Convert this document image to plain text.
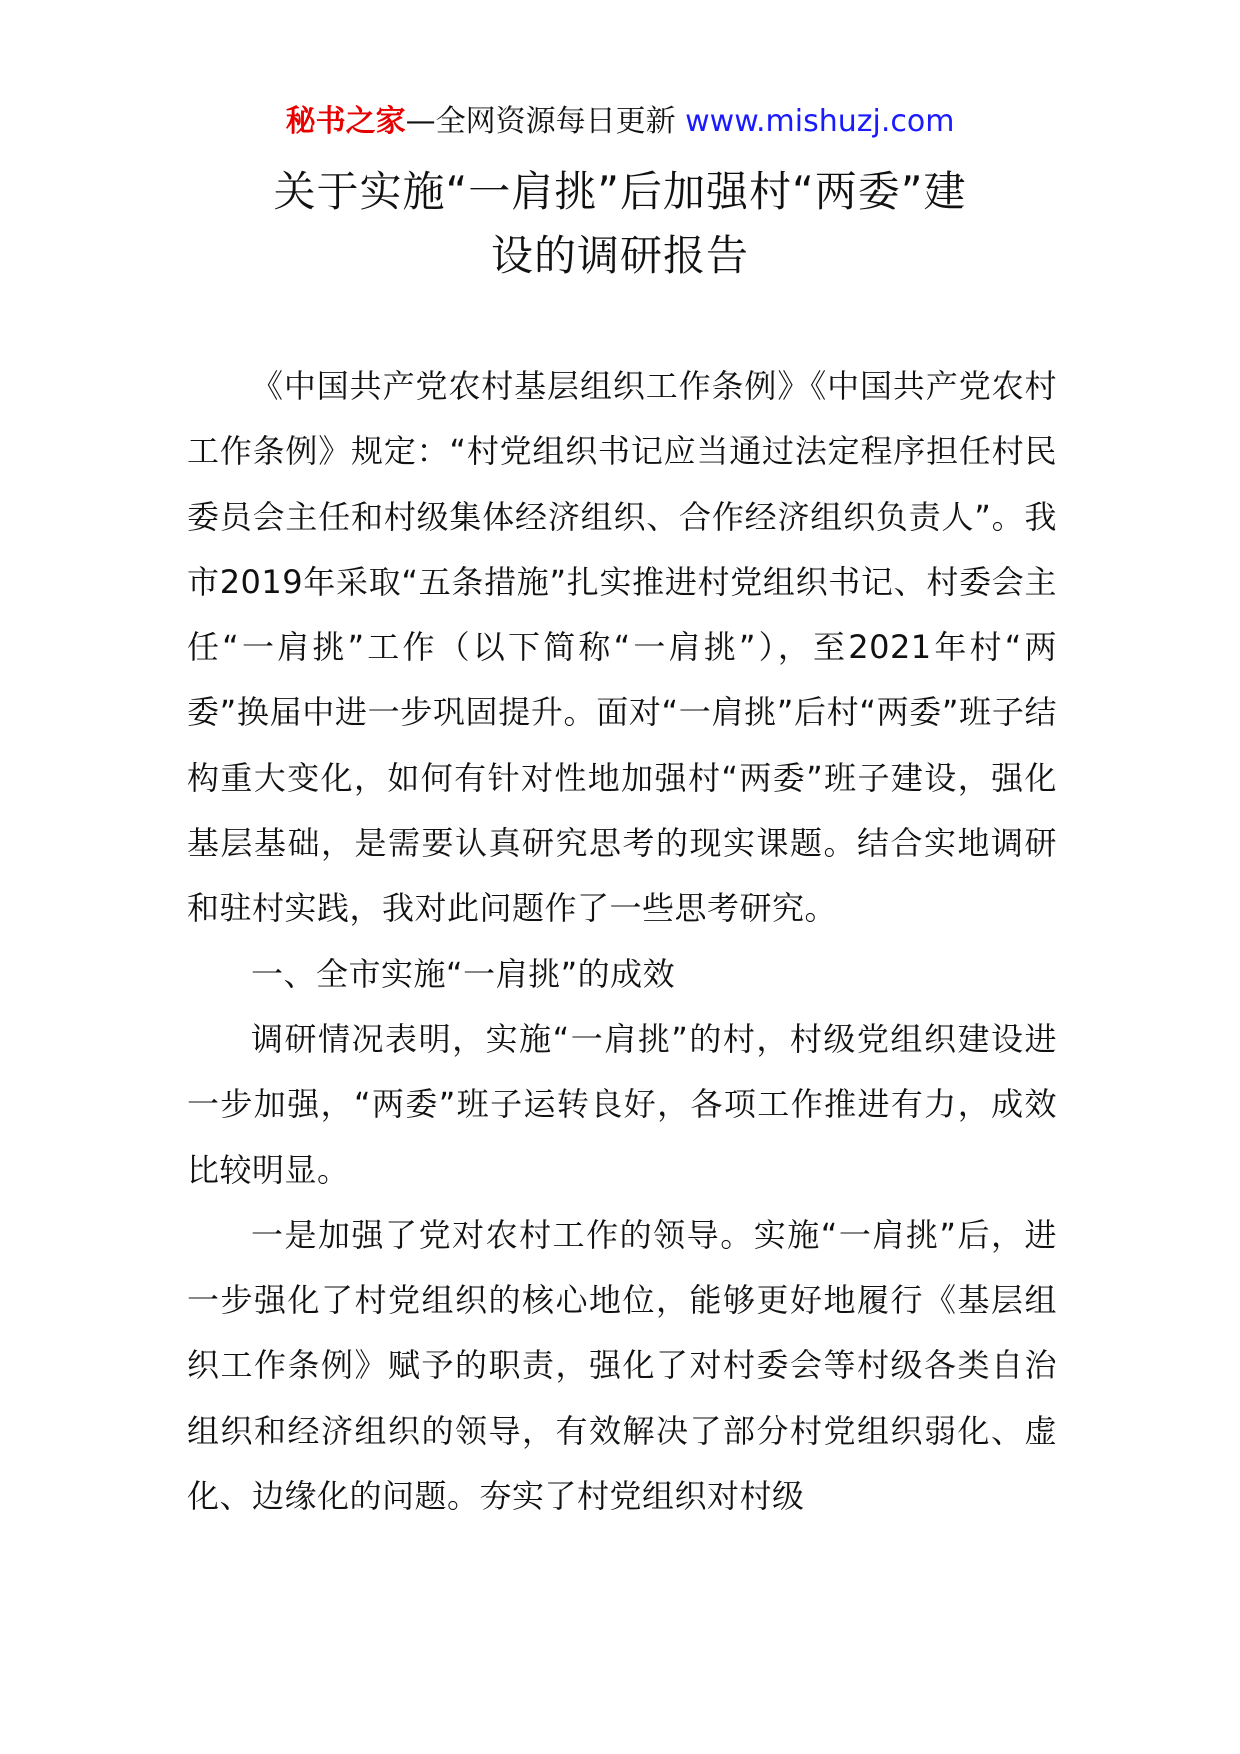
秘书之家—全网资源每日更新 www.mishuzj.com
关于实施“一肩挑”后加强村“两委”建
设的调研报告

《中国共产党农村基层组织工作条例》《中国共产党农村工作条例》规定：“村党组织书记应当通过法定程序担任村民委员会主任和村级集体经济组织、合作经济组织负责人”。我市2019年采取“五条措施”扎实推进村党组织书记、村委会主任“一肩挑”工作（以下简称“一肩挑”），至2021年村“两委”换届中进一步巩固提升。面对“一肩挑”后村“两委”班子结构重大变化，如何有针对性地加强村“两委”班子建设，强化基层基础，是需要认真研究思考的现实课题。结合实地调研和驻村实践，我对此问题作了一些思考研究。

一、全市实施“一肩挑”的成效

调研情况表明，实施“一肩挑”的村，村级党组织建设进一步加强，“两委”班子运转良好，各项工作推进有力，成效比较明显。

一是加强了党对农村工作的领导。实施“一肩挑”后，进一步强化了村党组织的核心地位，能够更好地履行《基层组织工作条例》赋予的职责，强化了对村委会等村级各类自治组织和经济组织的领导，有效解决了部分村党组织弱化、虚化、边缘化的问题。夯实了村党组织对村级
